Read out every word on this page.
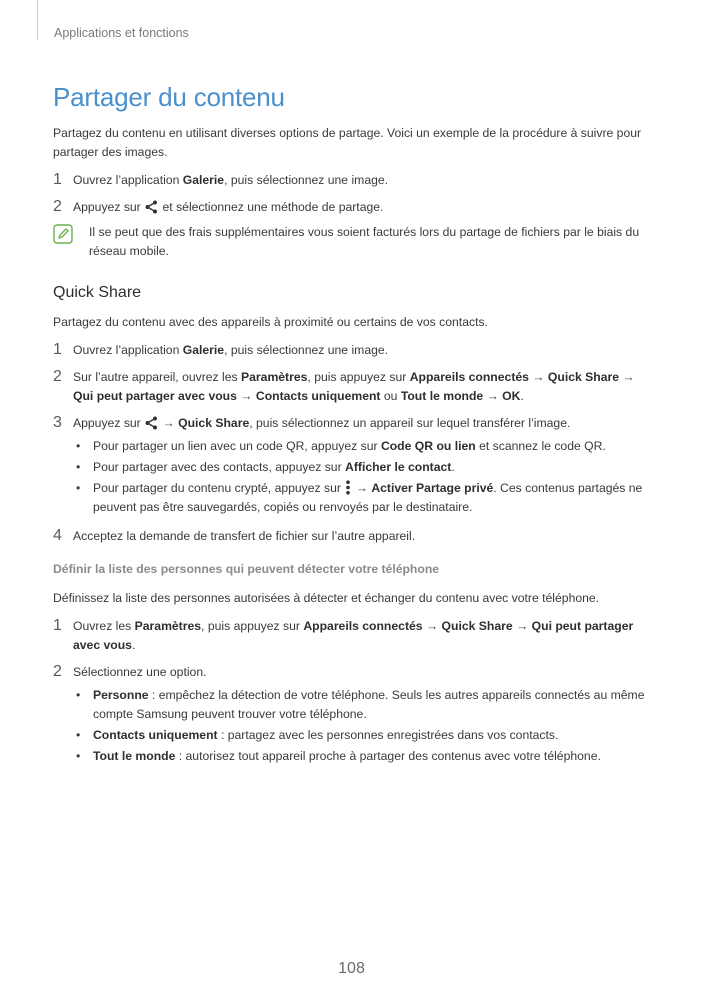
Applications et fonctions
Partager du contenu

Partagez du contenu en utilisant diverses options de partage. Voici un exemple de la procédure à suivre pour partager des images.

1 Ouvrez l’application Galerie, puis sélectionnez une image.
2 Appuyez sur  et sélectionnez une méthode de partage.
Il se peut que des frais supplémentaires vous soient facturés lors du partage de fichiers par le biais du réseau mobile.

Quick Share

Partagez du contenu avec des appareils à proximité ou certains de vos contacts.

1 Ouvrez l’application Galerie, puis sélectionnez une image.
2 Sur l’autre appareil, ouvrez les Paramètres, puis appuyez sur Appareils connectés → Quick Share → Qui peut partager avec vous → Contacts uniquement ou Tout le monde → OK.
3 Appuyez sur  → Quick Share, puis sélectionnez un appareil sur lequel transférer l’image.
• Pour partager un lien avec un code QR, appuyez sur Code QR ou lien et scannez le code QR.
• Pour partager avec des contacts, appuyez sur Afficher le contact.
• Pour partager du contenu crypté, appuyez sur  → Activer Partage privé. Ces contenus partagés ne peuvent pas être sauvegardés, copiés ou renvoyés par le destinataire.
4 Acceptez la demande de transfert de fichier sur l’autre appareil.

Définir la liste des personnes qui peuvent détecter votre téléphone

Définissez la liste des personnes autorisées à détecter et échanger du contenu avec votre téléphone.

1 Ouvrez les Paramètres, puis appuyez sur Appareils connectés → Quick Share → Qui peut partager avec vous.
2 Sélectionnez une option.
• Personne : empêchez la détection de votre téléphone. Seuls les autres appareils connectés au même compte Samsung peuvent trouver votre téléphone.
• Contacts uniquement : partagez avec les personnes enregistrées dans vos contacts.
• Tout le monde : autorisez tout appareil proche à partager des contenus avec votre téléphone.
108
